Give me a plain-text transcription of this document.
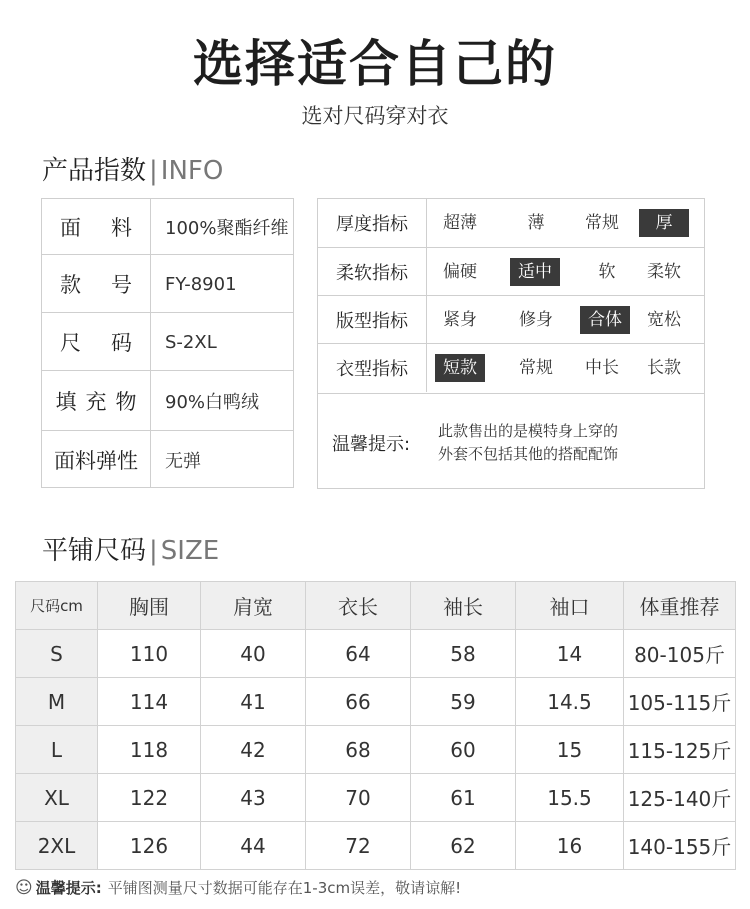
选择适合自己的
选对尺码穿对衣
产品指数 | INFO
面料 100%聚酯纤维
款号 FY-8901
尺码 S-2XL
填充物 90%白鸭绒
面料弹性	无弹
厚度指标	超薄	薄	常规	厚
柔软指标	偏硬	适中	软	柔软
版型指标	紧身	修身	合体	宽松
衣型指标	短款	常规	中长	长款
温馨提示:
此款售出的是模特身上穿的
外套不包括其他的搭配配饰
平铺尺码 | SIZE
尺码cm	胸围	肩宽	衣长	袖长	袖口	体重推荐
S	110	40	64	58	14	80-105斤
M	114	41	66	59	14.5	105-115斤
L	118	42	68	60	15	115-125斤
XL	122	43	70	61	15.5	125-140斤
2XL	126	44	72	62	16	140-155斤
☺ 温馨提示: 平铺图测量尺寸数据可能存在1-3cm误差，敬请谅解!
